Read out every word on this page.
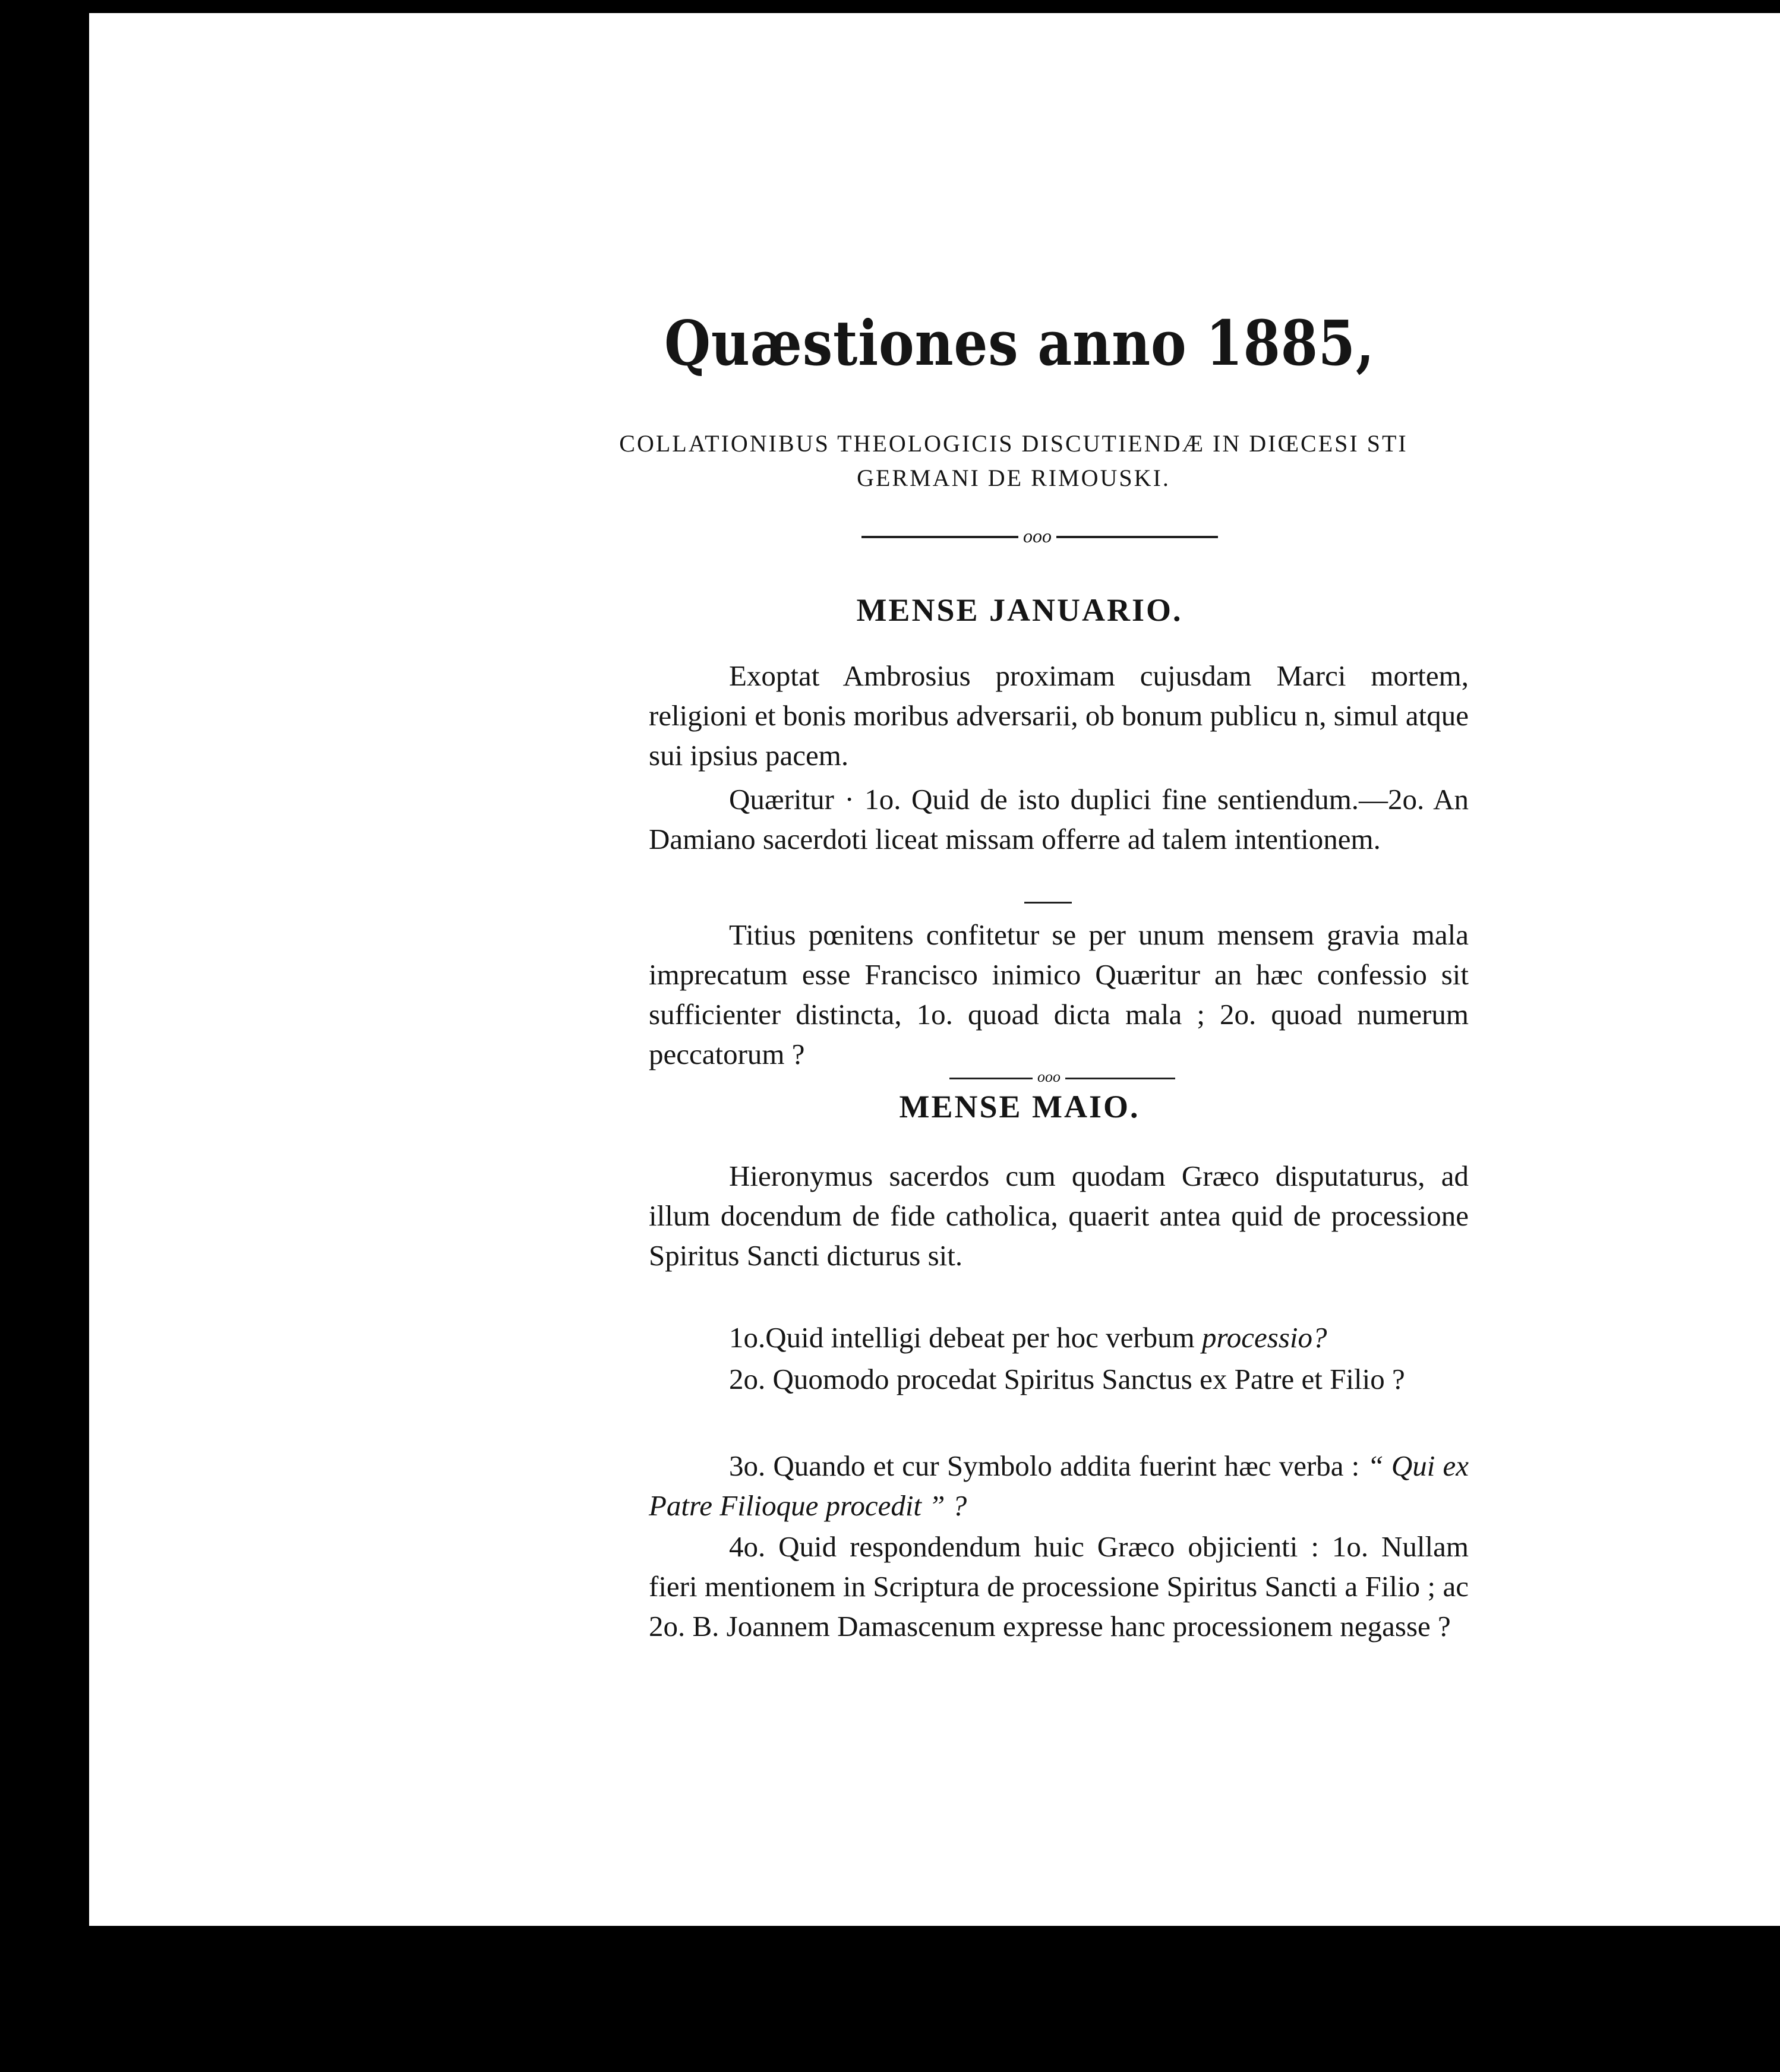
Quæstiones anno 1885,

COLLATIONIBUS THEOLOGICIS DISCUTIENDÆ IN DIŒCESI STI GERMANI DE RIMOUSKI.

ooo
MENSE JANUARIO.

Exoptat Ambrosius proximam cujusdam Marci mortem, religioni et bonis moribus adversarii, ob bonum publicu n, simul atque sui ipsius pacem.

Quæritur · 1o. Quid de isto duplici fine sentiendum.—2o. An Damiano sacerdoti liceat missam offerre ad talem intentionem.

Titius pœnitens confitetur se per unum mensem gravia mala imprecatum esse Francisco inimico Quæritur an hæc confessio sit sufficienter distincta, 1o. quoad dicta mala ; 2o. quoad numerum peccatorum ?

ooo
MENSE MAIO.

Hieronymus sacerdos cum quodam Græco disputaturus, ad illum docendum de fide catholica, quaerit antea quid de processione Spiritus Sancti dicturus sit.

1o.Quid intelligi debeat per hoc verbum processio?

2o. Quomodo procedat Spiritus Sanctus ex Patre et Filio ?

3o. Quando et cur Symbolo addita fuerint hæc verba : “ Qui ex Patre Filioque procedit ” ?

4o. Quid respondendum huic Græco objicienti : 1o. Nullam fieri mentionem in Scriptura de processione Spiritus Sancti a Filio ; ac 2o. B. Joannem Damascenum expresse hanc processionem negasse ?
